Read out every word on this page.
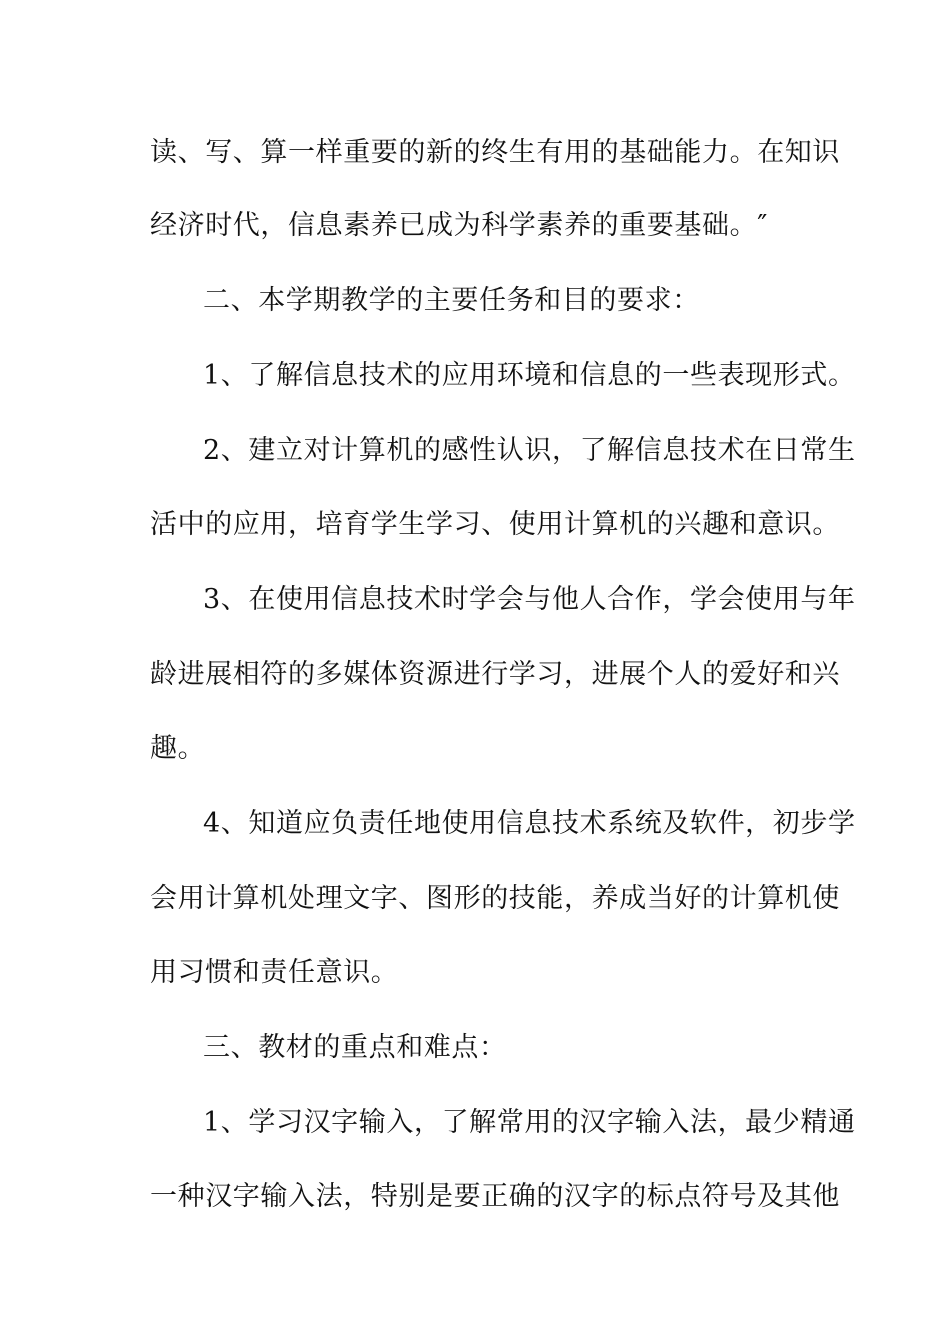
读、写、算一样重要的新的终生有用的基础能力。在知识
经济时代，信息素养已成为科学素养的重要基础。″
二、本学期教学的主要任务和目的要求：
1、了解信息技术的应用环境和信息的一些表现形式。
2、建立对计算机的感性认识，了解信息技术在日常生
活中的应用，培育学生学习、使用计算机的兴趣和意识。
3、在使用信息技术时学会与他人合作，学会使用与年
龄进展相符的多媒体资源进行学习，进展个人的爱好和兴
趣。
4、知道应负责任地使用信息技术系统及软件，初步学
会用计算机处理文字、图形的技能，养成当好的计算机使
用习惯和责任意识。
三、教材的重点和难点：
1、学习汉字输入，了解常用的汉字输入法，最少精通
一种汉字输入法，特别是要正确的汉字的标点符号及其他
